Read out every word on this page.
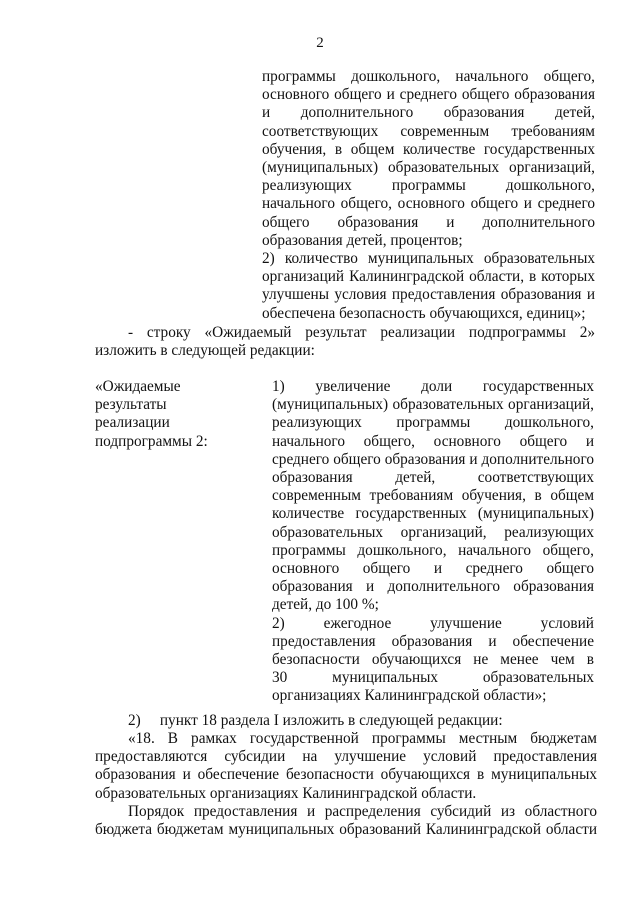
2
программы дошкольного, начального общего,
основного общего и среднего общего образования
и дополнительного образования детей,
соответствующих современным требованиям
обучения, в общем количестве государственных
(муниципальных) образовательных организаций,
реализующих программы дошкольного,
начального общего, основного общего и среднего
общего образования и дополнительного
образования детей, процентов;
2) количество муниципальных образовательных
организаций Калининградской области, в которых
улучшены условия предоставления образования и
обеспечена безопасность обучающихся, единиц»;
- строку «Ожидаемый результат реализации подпрограммы 2»
изложить в следующей редакции:
«Ожидаемые
результаты
реализации
подпрограммы 2:
1) увеличение доли государственных
(муниципальных) образовательных организаций,
реализующих программы дошкольного,
начального общего, основного общего и
среднего общего образования и дополнительного
образования детей, соответствующих
современным требованиям обучения, в общем
количестве государственных (муниципальных)
образовательных организаций, реализующих
программы дошкольного, начального общего,
основного общего и среднего общего
образования и дополнительного образования
детей, до 100 %;
2) ежегодное улучшение условий
предоставления образования и обеспечение
безопасности обучающихся не менее чем в
30 муниципальных образовательных
организациях Калининградской области»;
2)     пункт 18 раздела I изложить в следующей редакции:
«18. В рамках государственной программы местным бюджетам
предоставляются субсидии на улучшение условий предоставления
образования и обеспечение безопасности обучающихся в муниципальных
образовательных организациях Калининградской области.
Порядок предоставления и распределения субсидий из областного
бюджета бюджетам муниципальных образований Калининградской области
